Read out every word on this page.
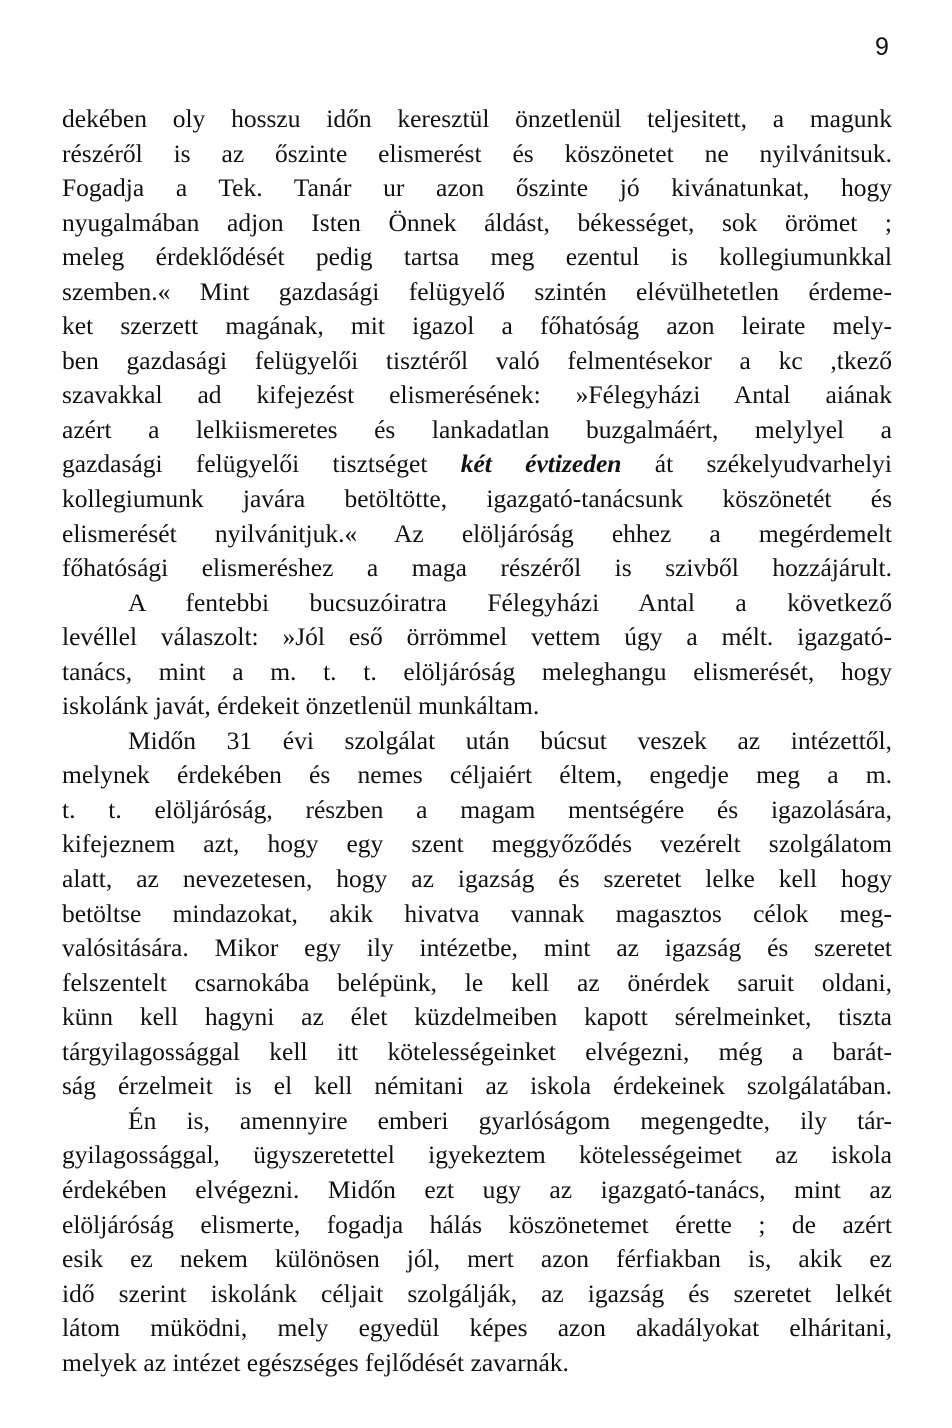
9
dekében oly hosszu időn keresztül önzetlenül teljesitett, a magunk
részéről is az őszinte elismerést és köszönetet ne nyilvánitsuk.
Fogadja a Tek. Tanár ur azon őszinte jó kivánatunkat, hogy
nyugalmában adjon Isten Önnek áldást, békességet, sok örömet ;
meleg érdeklődését pedig tartsa meg ezentul is kollegiumunkkal
szemben.« Mint gazdasági felügyelő szintén elévülhetetlen érdeme-
ket szerzett magának, mit igazol a főhatóság azon leirate mely-
ben gazdasági felügyelői tisztéről való felmentésekor a kc ,tkező
szavakkal ad kifejezést elismerésének: »Félegyházi Antal aiának
azért a lelkiismeretes és lankadatlan buzgalmáért, melylyel a
gazdasági felügyelői tisztséget két évtizeden át székelyudvarhelyi
kollegiumunk javára betöltötte, igazgató-tanácsunk köszönetét és
elismerését nyilvánitjuk.« Az elöljáróság ehhez a megérdemelt
főhatósági elismeréshez a maga részéről is szivből hozzájárult.
A fentebbi bucsuzóiratra Félegyházi Antal a következő
levéllel válaszolt: »Jól eső örrömmel vettem úgy a mélt. igazgató-
tanács, mint a m. t. t. elöljáróság meleghangu elismerését, hogy
iskolánk javát, érdekeit önzetlenül munkáltam.
Midőn 31 évi szolgálat után búcsut veszek az intézettől,
melynek érdekében és nemes céljaiért éltem, engedje meg a m.
t. t. elöljáróság, részben a magam mentségére és igazolására,
kifejeznem azt, hogy egy szent meggyőződés vezérelt szolgálatom
alatt, az nevezetesen, hogy az igazság és szeretet lelke kell hogy
betöltse mindazokat, akik hivatva vannak magasztos célok meg-
valósitására. Mikor egy ily intézetbe, mint az igazság és szeretet
felszentelt csarnokába belépünk, le kell az önérdek saruit oldani,
künn kell hagyni az élet küzdelmeiben kapott sérelmeinket, tiszta
tárgyilagossággal kell itt kötelességeinket elvégezni, még a barát-
ság érzelmeit is el kell némitani az iskola érdekeinek szolgálatában.
Én is, amennyire emberi gyarlóságom megengedte, ily tár-
gyilagossággal, ügyszeretettel igyekeztem kötelességeimet az iskola
érdekében elvégezni. Midőn ezt ugy az igazgató-tanács, mint az
elöljáróság elismerte, fogadja hálás köszönetemet érette ; de azért
esik ez nekem különösen jól, mert azon férfiakban is, akik ez
idő szerint iskolánk céljait szolgálják, az igazság és szeretet lelkét
látom müködni, mely egyedül képes azon akadályokat elháritani,
melyek az intézet egészséges fejlődését zavarnák.
